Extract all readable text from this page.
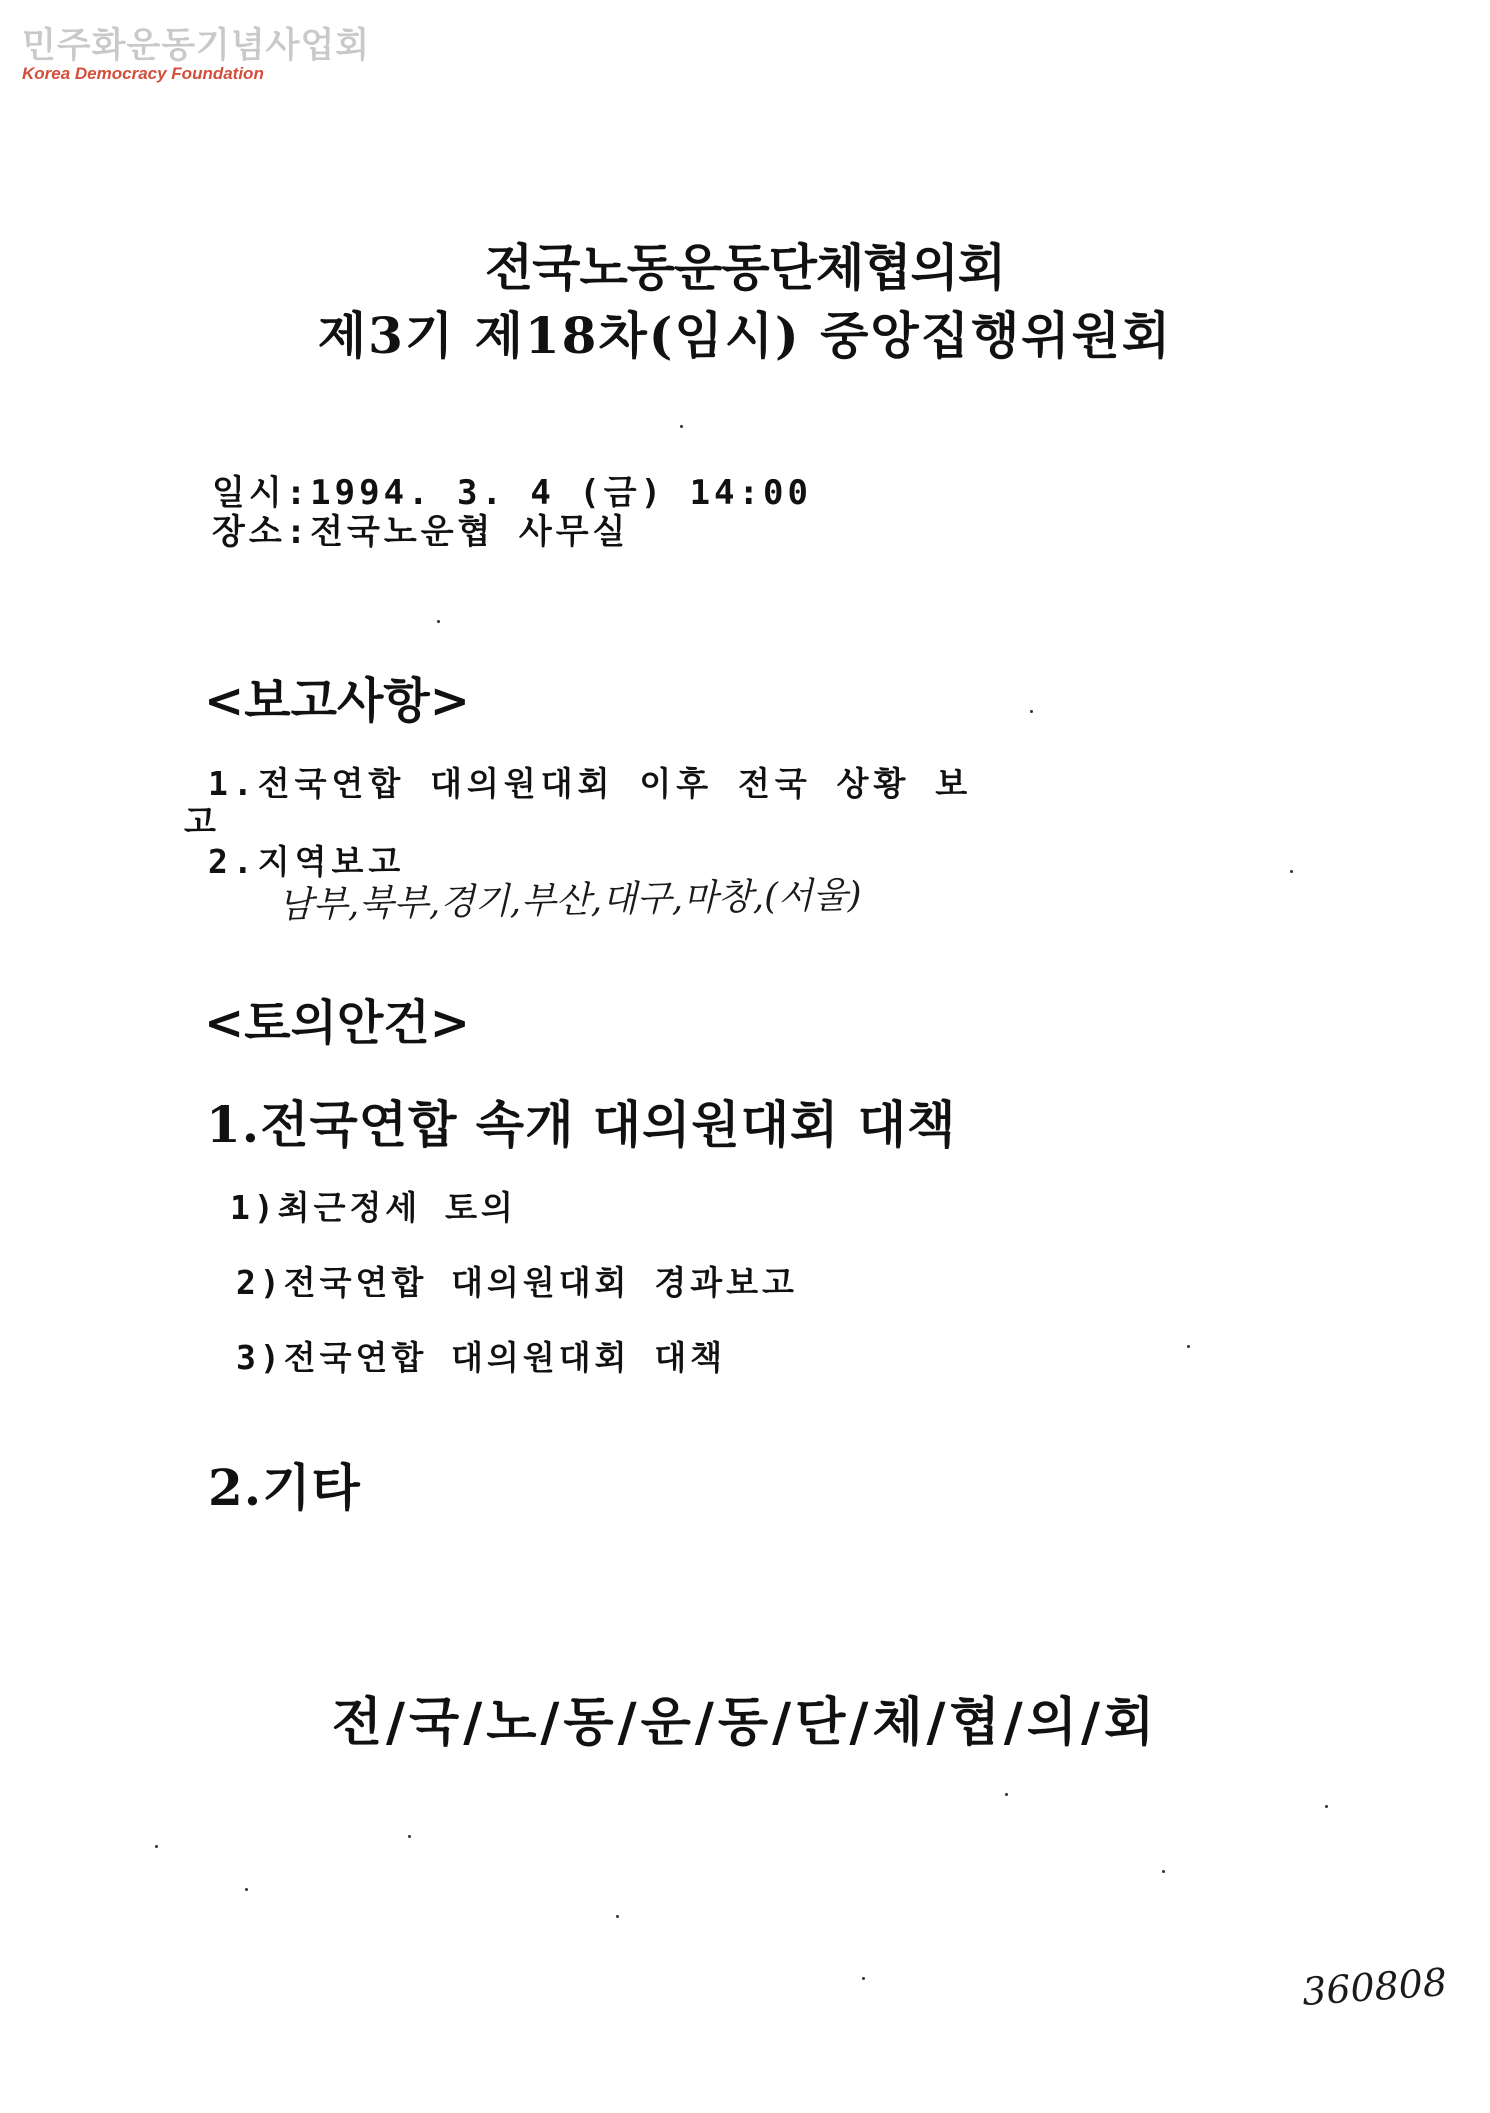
민주화운동기념사업회
Korea Democracy Foundation
전국노동운동단체협의회
제3기 제18차(임시) 중앙집행위원회
일시:1994. 3. 4 (금) 14:00
장소:전국노운협 사무실
<보고사항>
1.전국연합 대의원대회 이후 전국 상황 보
고
2.지역보고
남부,북부,경기,부산,대구,마창,(서울)
<토의안건>
1.전국연합 속개 대의원대회 대책
1)최근정세 토의
2)전국연합 대의원대회 경과보고
3)전국연합 대의원대회 대책
2.기타
전/국/노/동/운/동/단/체/협/의/회
360808
